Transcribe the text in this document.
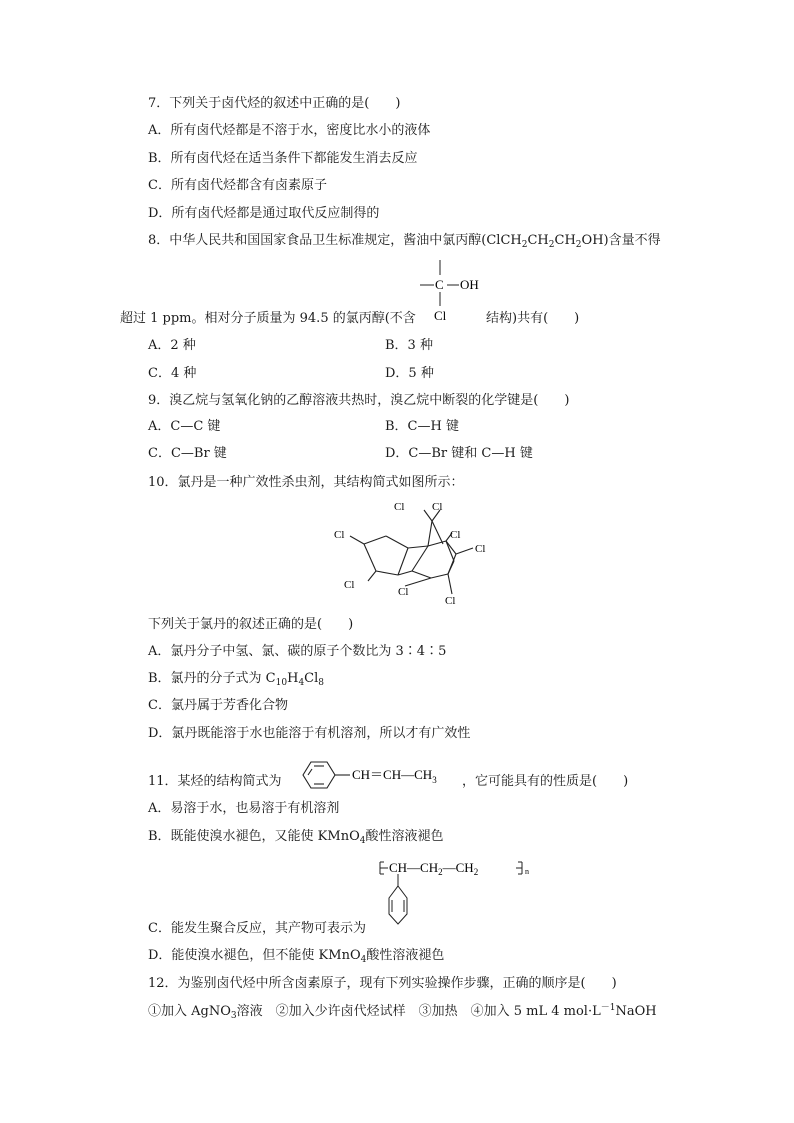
7．下列关于卤代烃的叙述中正确的是(　　)
A．所有卤代烃都是不溶于水，密度比水小的液体
B．所有卤代烃在适当条件下都能发生消去反应
C．所有卤代烃都含有卤素原子
D．所有卤代烃都是通过取代反应制得的
8．中华人民共和国国家食品卫生标准规定，酱油中氯丙醇$(ClCH_2CH_2CH_2OH)$含量不得
C OH
Cl
超过 1 ppm。相对分子质量为 94.5 的氯丙醇(不含	结构)共有(　　)
A．2 种	B．3 种
C．4 种	D．5 种
9．溴乙烷与氢氧化钠的乙醇溶液共热时，溴乙烷中断裂的化学键是(　　)
A．C—C 键	B．C—H 键
C．C—Br 键	D．C—Br 键和 C—H 键
10．氯丹是一种广效性杀虫剂，其结构简式如图所示：
Cl
Cl
Cl	Cl
Cl
Cl
Cl
Cl
下列关于氯丹的叙述正确的是(　　)
A．氯丹分子中氢、氯、碳的原子个数比为 3∶4∶5
B．氯丹的分子式为 $C_{10}H_4Cl_8$
C．氯丹属于芳香化合物
D．氯丹既能溶于水也能溶于有机溶剂，所以才有广效性
11．某烃的结构简式为	$CH=CH—CH_3$ ，它可能具有的性质是(　　)
A．易溶于水，也易溶于有机溶剂
B．既能使溴水褪色，又能使 KMnO$_4$酸性溶液褪色
$CH—CH_2—CH_2$	n
C．能发生聚合反应，其产物可表示为
D．能使溴水褪色，但不能使 KMnO$_4$酸性溶液褪色
12．为鉴别卤代烃中所含卤素原子，现有下列实验操作步骤，正确的顺序是(　　)
①加入 AgNO$_3$溶液　②加入少许卤代烃试样　③加热　④加入 5 mL 4 $mol\cdot L^{-1}NaOH$
